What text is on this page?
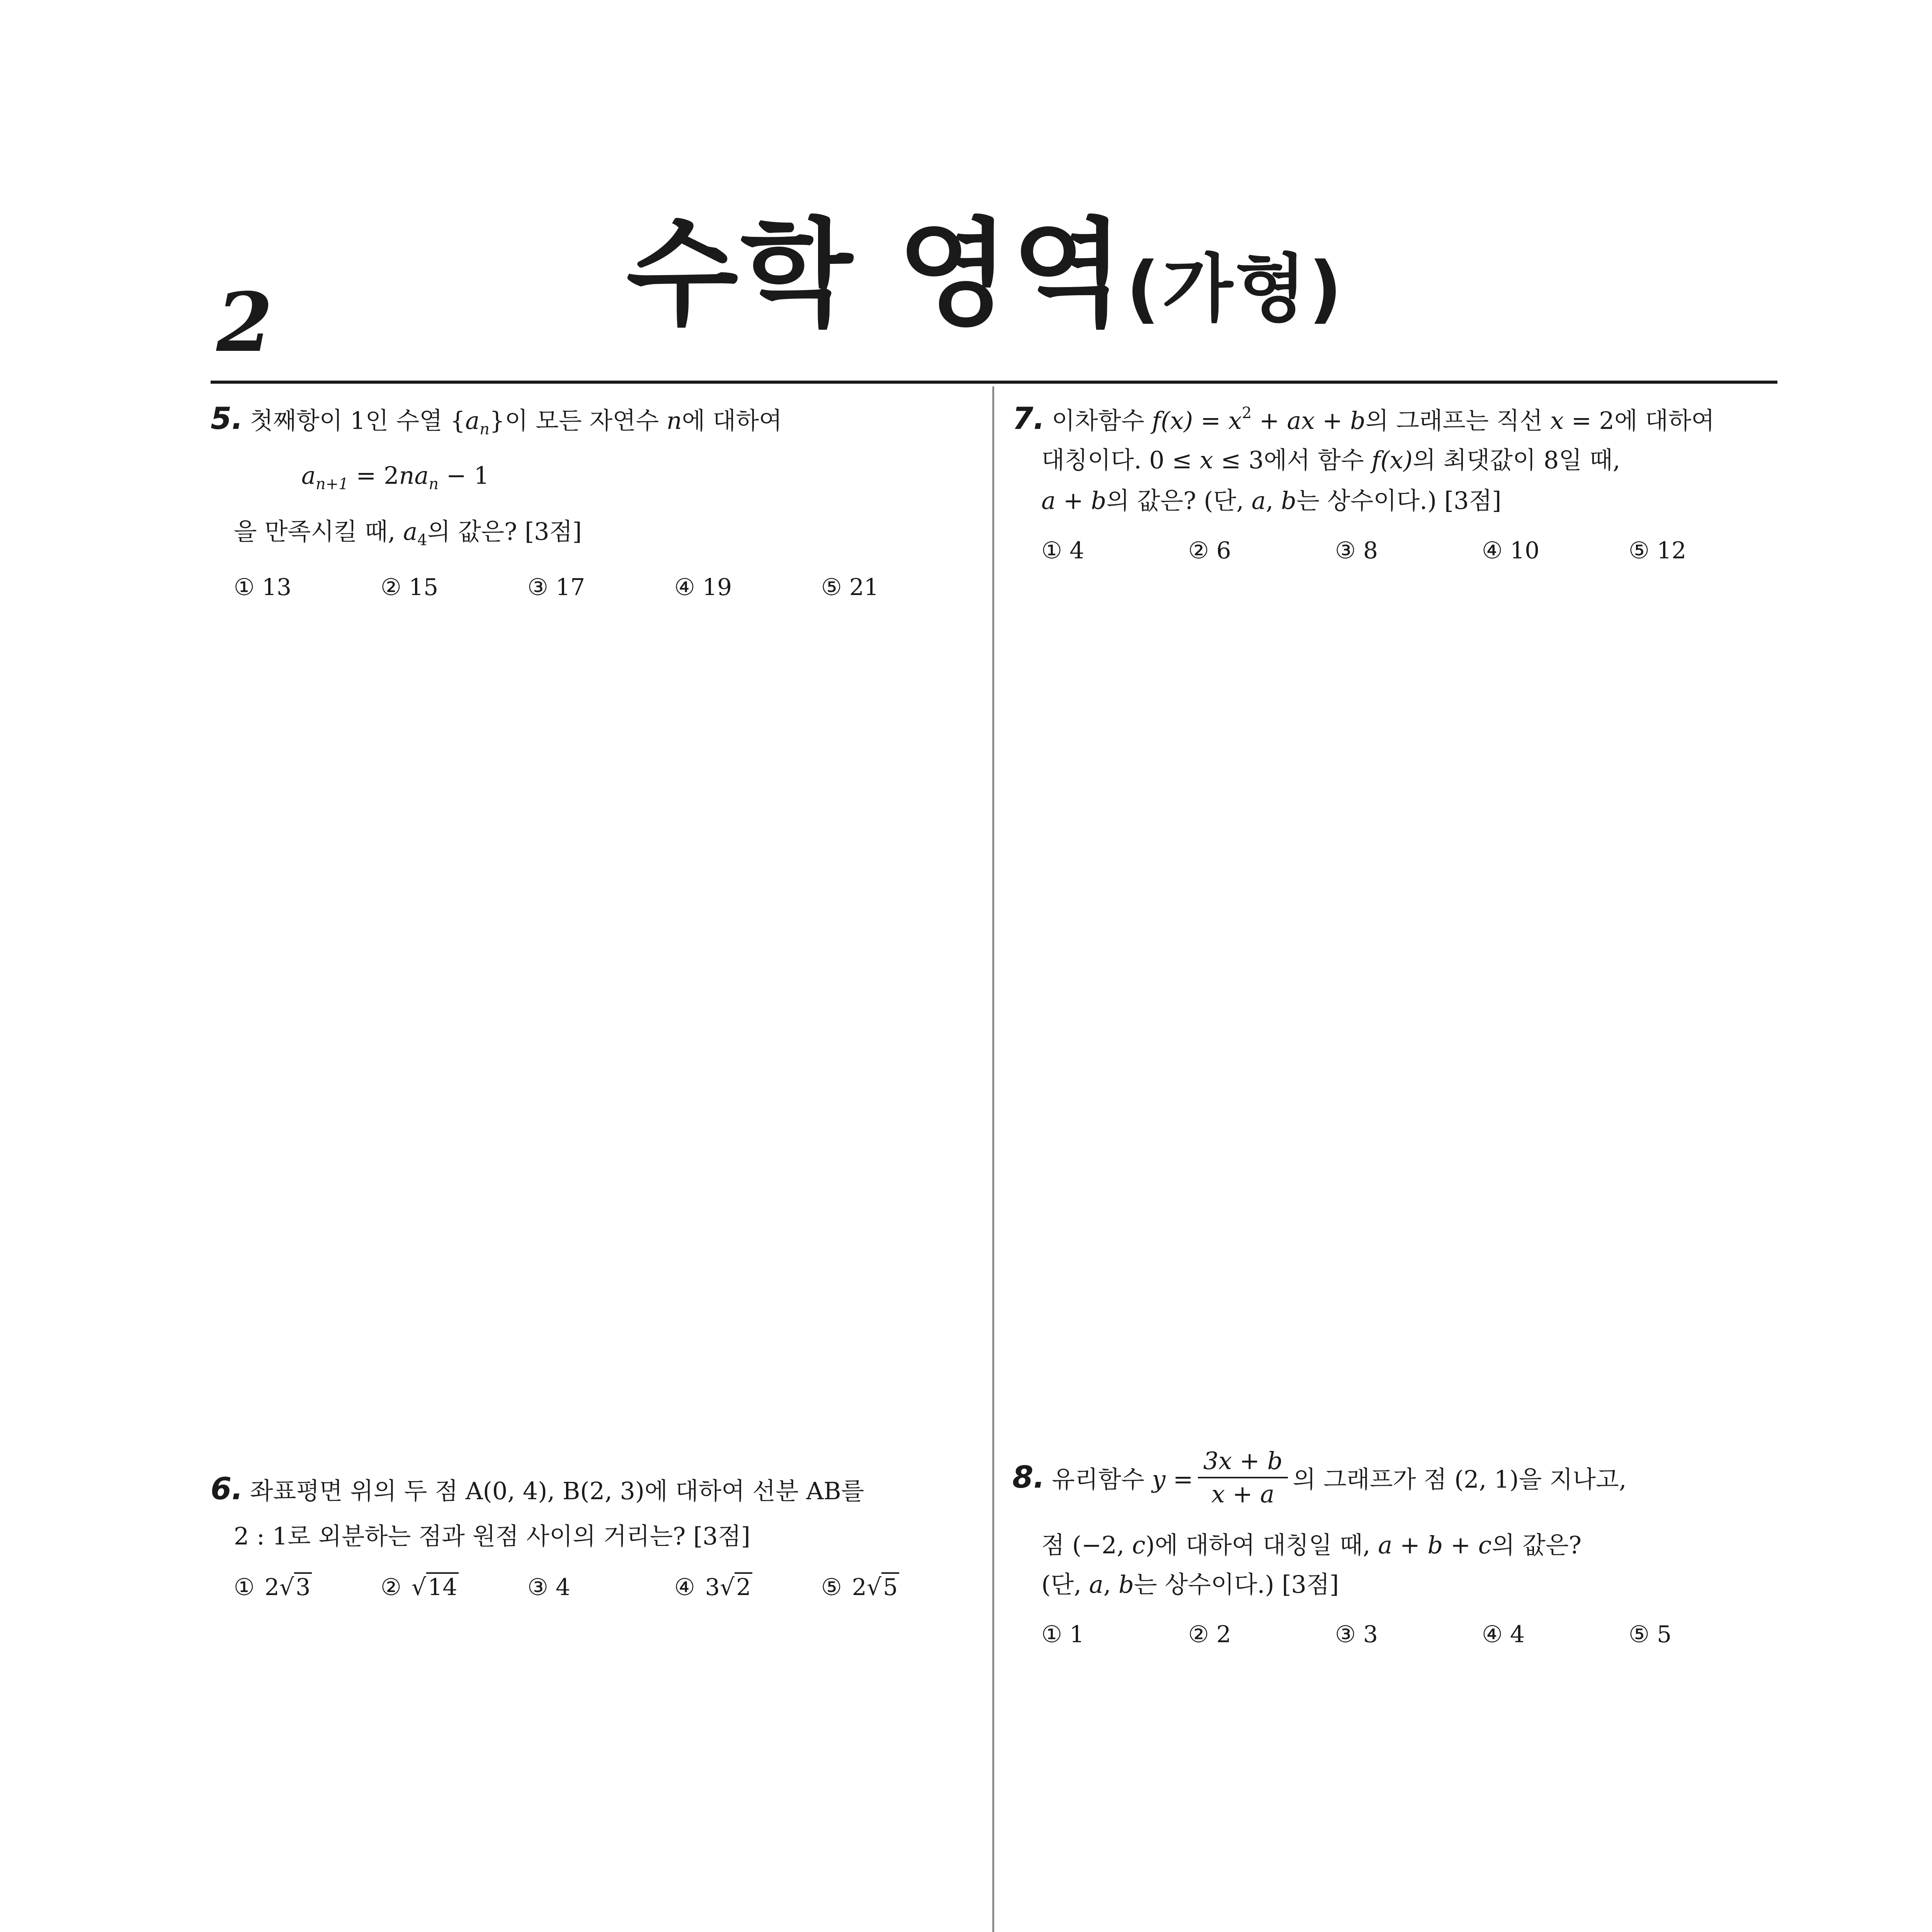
2	수학 영역(가형)
5. 첫째항이 1인 수열 $\{a_n\}$이 모든 자연수 n에 대하여
$a_{n+1} = 2na_n - 1$
을 만족시킬 때, $a_4$의 값은? [3점]
① 13	② 15	③ 17	④ 19	⑤ 21
6. 좌표평면 위의 두 점 A(0, 4), B(2, 3)에 대하여 선분 AB를
2 : 1로 외분하는 점과 원점 사이의 거리는? [3점]
① 2√3	② √14	③ 4	④ 3√2	⑤ 2√5
7. 이차함수 $f(x) = x^2$ + ax + b의 그래프는 직선 x = 2에 대하여
대칭이다. 0 ≤ x ≤ 3에서 함수 f(x)의 최댓값이 8일 때,
a + b의 값은? (단, a, b는 상수이다.) [3점]
① 4	② 6	③ 8	④ 10	⑤ 12
8. 유리함수 $y = \frac{3x + b}{x + a}$ 의 그래프가 점 (2, 1)을 지나고,
점 (−2, c)에 대하여 대칭일 때, a + b + c의 값은?
(단, a, b는 상수이다.) [3점]
① 1	② 2	③ 3	④ 4	⑤ 5
